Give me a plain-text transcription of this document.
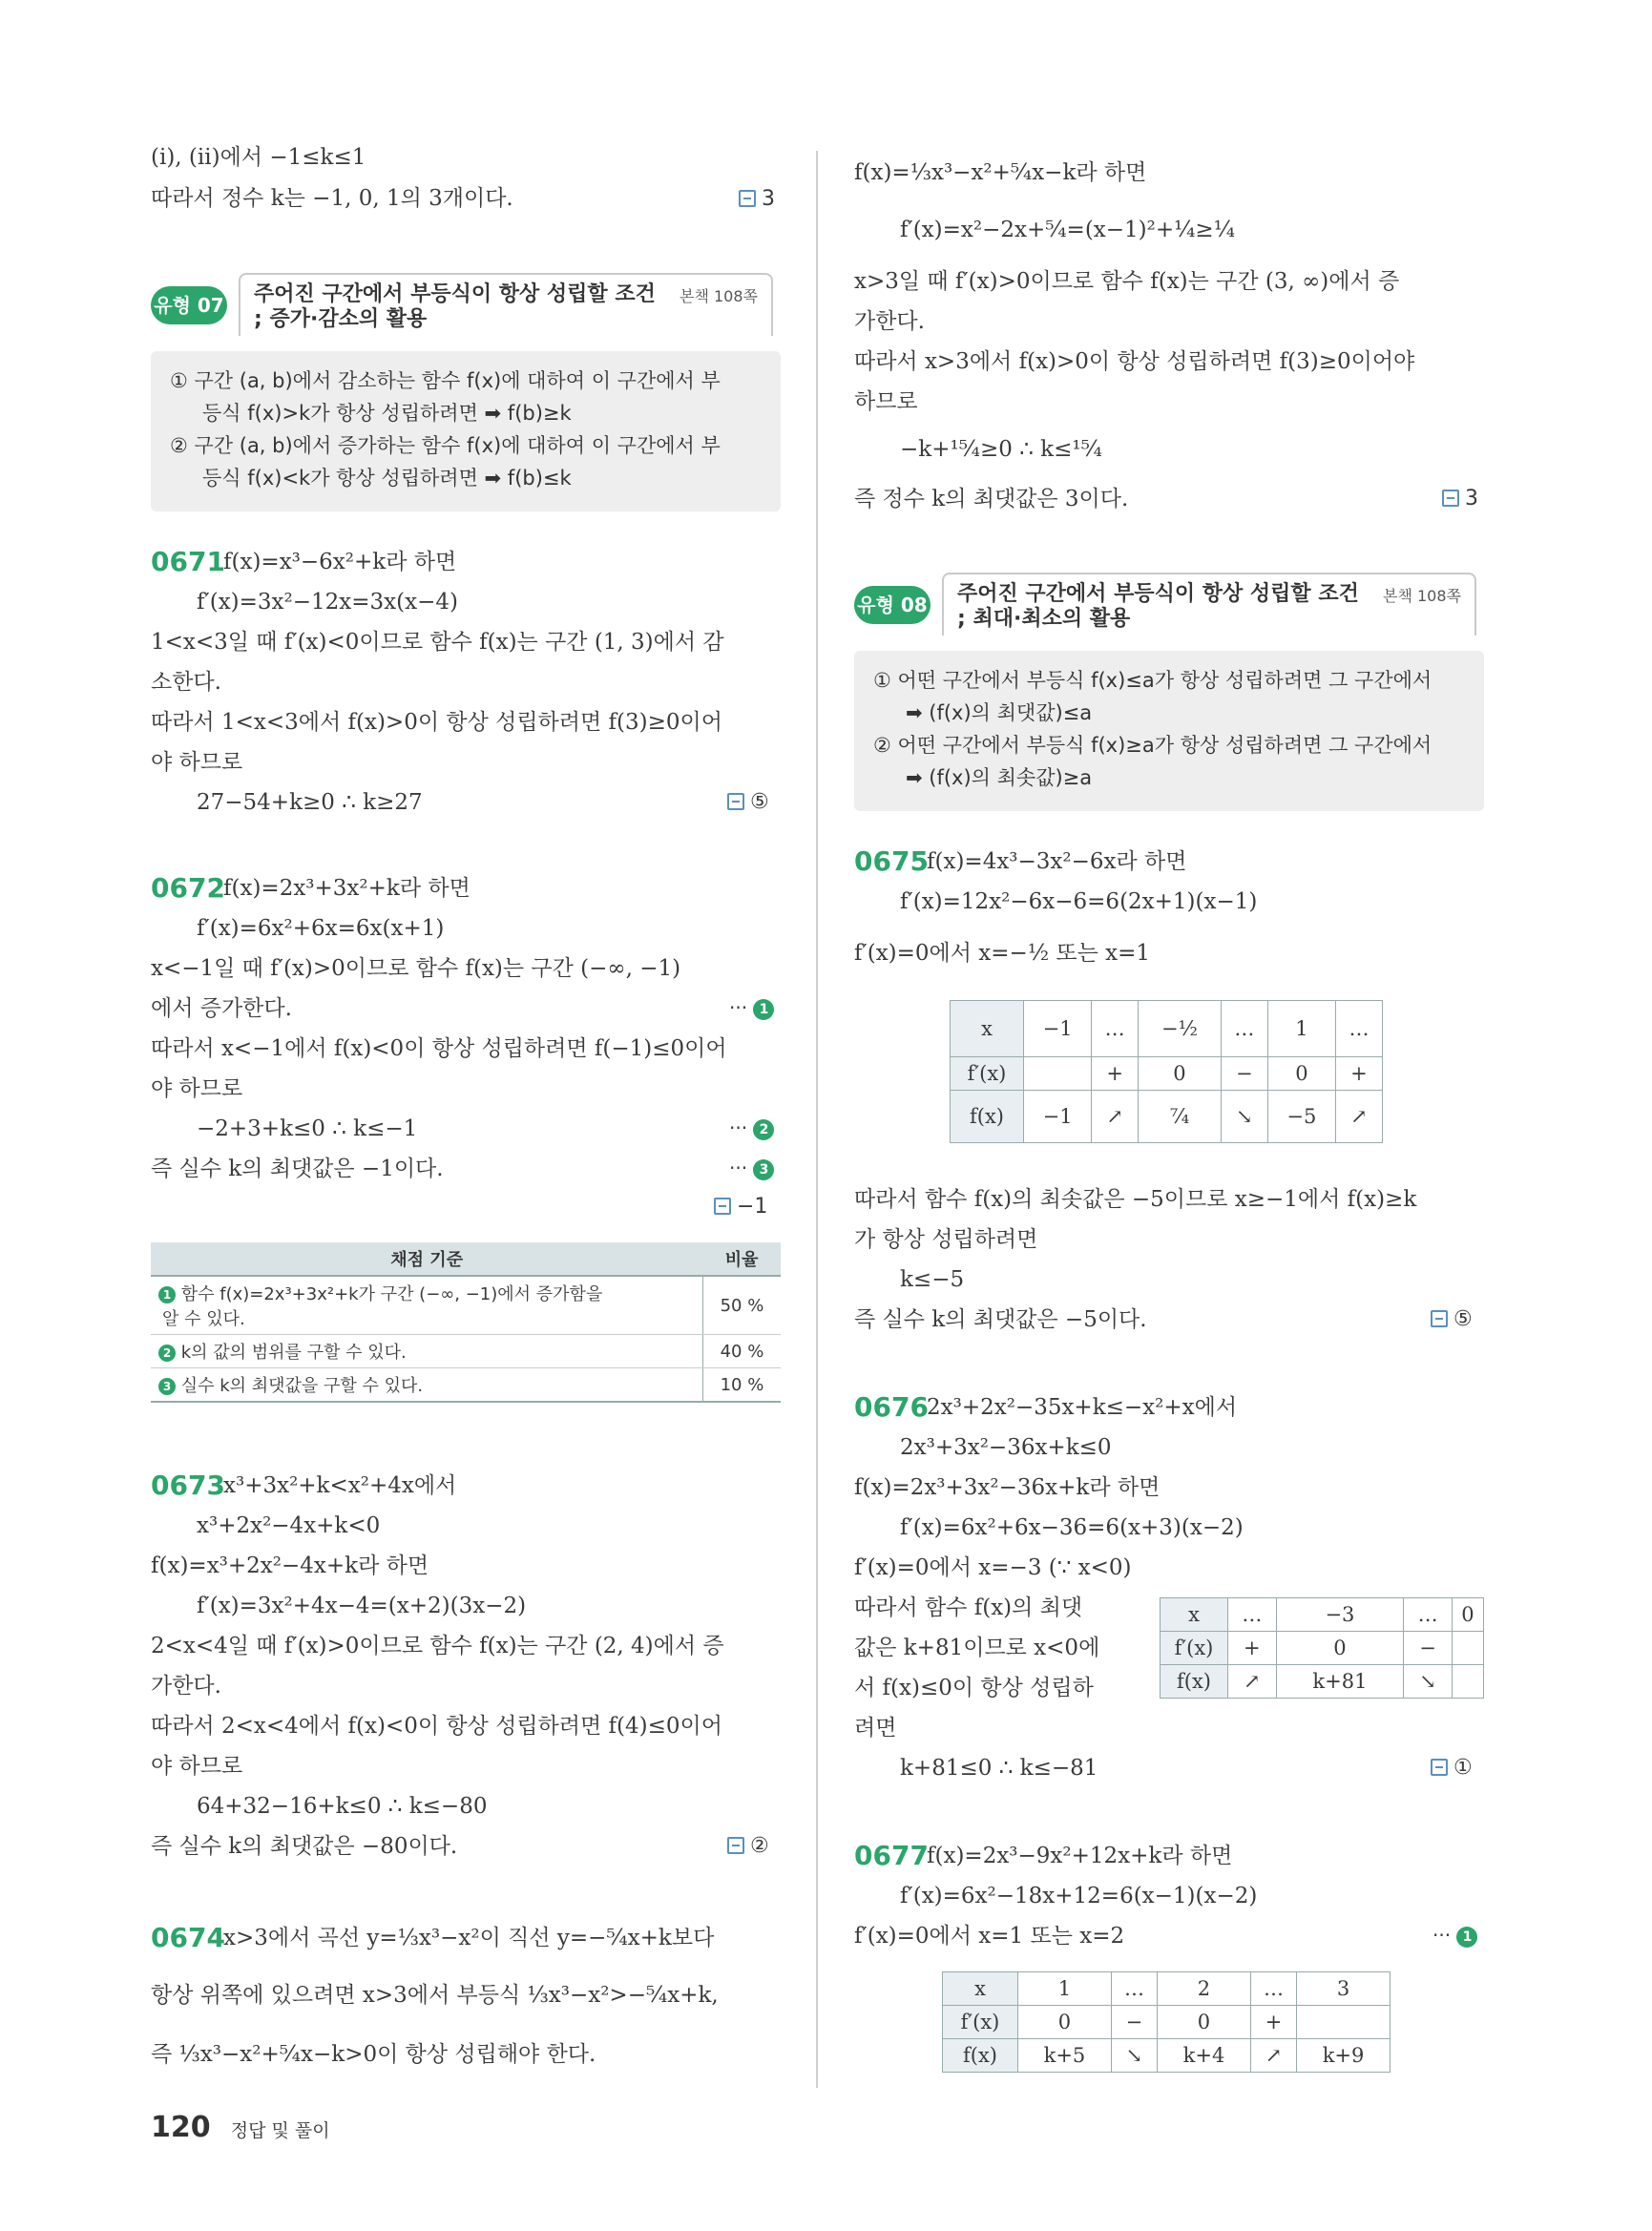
(ⅰ), (ⅱ)에서 −1≤k≤1
따라서 정수 k는 −1, 0, 1의 3개이다.	3
유형 07 주어진 구간에서 부등식이 항상 성립할 조건
; 증가·감소의 활용
본책 108쪽
① 구간 (a, b)에서 감소하는 함수 f(x)에 대하여 이 구간에서 부
등식 f(x)>k가 항상 성립하려면 ➡ f(b)≥k
② 구간 (a, b)에서 증가하는 함수 f(x)에 대하여 이 구간에서 부
등식 f(x)<k가 항상 성립하려면 ➡ f(b)≤k
0671
f(x)=x³−6x²+k라 하면
f′(x)=3x²−12x=3x(x−4)
1<x<3일 때 f′(x)<0이므로 함수 f(x)는 구간 (1, 3)에서 감
소한다.
따라서 1<x<3에서 f(x)>0이 항상 성립하려면 f(3)≥0이어
야 하므로
27−54+k≥0 ∴ k≥27	⑤
0672
f(x)=2x³+3x²+k라 하면
f′(x)=6x²+6x=6x(x+1)
x<−1일 때 f′(x)>0이므로 함수 f(x)는 구간 (−∞, −1)
에서 증가한다.	··· 1
따라서 x<−1에서 f(x)<0이 항상 성립하려면 f(−1)≤0이어
야 하므로
−2+3+k≤0 ∴ k≤−1	··· 2
즉 실수 k의 최댓값은 −1이다.	··· 3
−1
채점 기준	비율
1 함수 f(x)=2x³+3x²+k가 구간 (−∞, −1)에서 증가함을
알 수 있다.	50 %
2 k의 값의 범위를 구할 수 있다.	40 %
3 실수 k의 최댓값을 구할 수 있다.	10 %
0673
x³+3x²+k<x²+4x에서
x³+2x²−4x+k<0
f(x)=x³+2x²−4x+k라 하면
f′(x)=3x²+4x−4=(x+2)(3x−2)
2<x<4일 때 f′(x)>0이므로 함수 f(x)는 구간 (2, 4)에서 증
가한다.
따라서 2<x<4에서 f(x)<0이 항상 성립하려면 f(4)≤0이어
야 하므로
64+32−16+k≤0 ∴ k≤−80
즉 실수 k의 최댓값은 −80이다.	②
0674
x>3에서 곡선 y=⅓x³−x²이 직선 y=−⁵⁄₄x+k보다
항상 위쪽에 있으려면 x>3에서 부등식 ⅓x³−x²>−⁵⁄₄x+k,
즉 ⅓x³−x²+⁵⁄₄x−k>0이 항상 성립해야 한다.
f(x)=⅓x³−x²+⁵⁄₄x−k라 하면
f′(x)=x²−2x+⁵⁄₄=(x−1)²+¼≥¼
x>3일 때 f′(x)>0이므로 함수 f(x)는 구간 (3, ∞)에서 증
가한다.
따라서 x>3에서 f(x)>0이 항상 성립하려면 f(3)≥0이어야
하므로
−k+¹⁵⁄₄≥0 ∴ k≤¹⁵⁄₄
즉 정수 k의 최댓값은 3이다.	3
유형 08 주어진 구간에서 부등식이 항상 성립할 조건
; 최대·최소의 활용
본책 108쪽
① 어떤 구간에서 부등식 f(x)≤a가 항상 성립하려면 그 구간에서
➡ (f(x)의 최댓값)≤a
② 어떤 구간에서 부등식 f(x)≥a가 항상 성립하려면 그 구간에서
➡ (f(x)의 최솟값)≥a
0675
f(x)=4x³−3x²−6x라 하면
f′(x)=12x²−6x−6=6(2x+1)(x−1)
f′(x)=0에서 x=−½ 또는 x=1
x	−1	…	−½	…	1	…
f′(x)		+	0	−	0	+
f(x)	−1	↗	⁷⁄₄	↘	−5	↗
따라서 함수 f(x)의 최솟값은 −5이므로 x≥−1에서 f(x)≥k
가 항상 성립하려면
k≤−5
즉 실수 k의 최댓값은 −5이다.	⑤
0676
2x³+2x²−35x+k≤−x²+x에서
2x³+3x²−36x+k≤0
f(x)=2x³+3x²−36x+k라 하면
f′(x)=6x²+6x−36=6(x+3)(x−2)
f′(x)=0에서 x=−3 (∵ x<0)
따라서 함수 f(x)의 최댓
값은 k+81이므로 x<0에
서 f(x)≤0이 항상 성립하
려면
x	…	−3	…	0
f′(x)	+	0	−	
f(x)	↗	k+81	↘	
k+81≤0 ∴ k≤−81	①
0677
f(x)=2x³−9x²+12x+k라 하면
f′(x)=6x²−18x+12=6(x−1)(x−2)
f′(x)=0에서 x=1 또는 x=2	··· 1
x	1	…	2	…	3
f′(x)	0	−	0	+	
f(x)	k+5	↘	k+4	↗	k+9
120 정답 및 풀이
